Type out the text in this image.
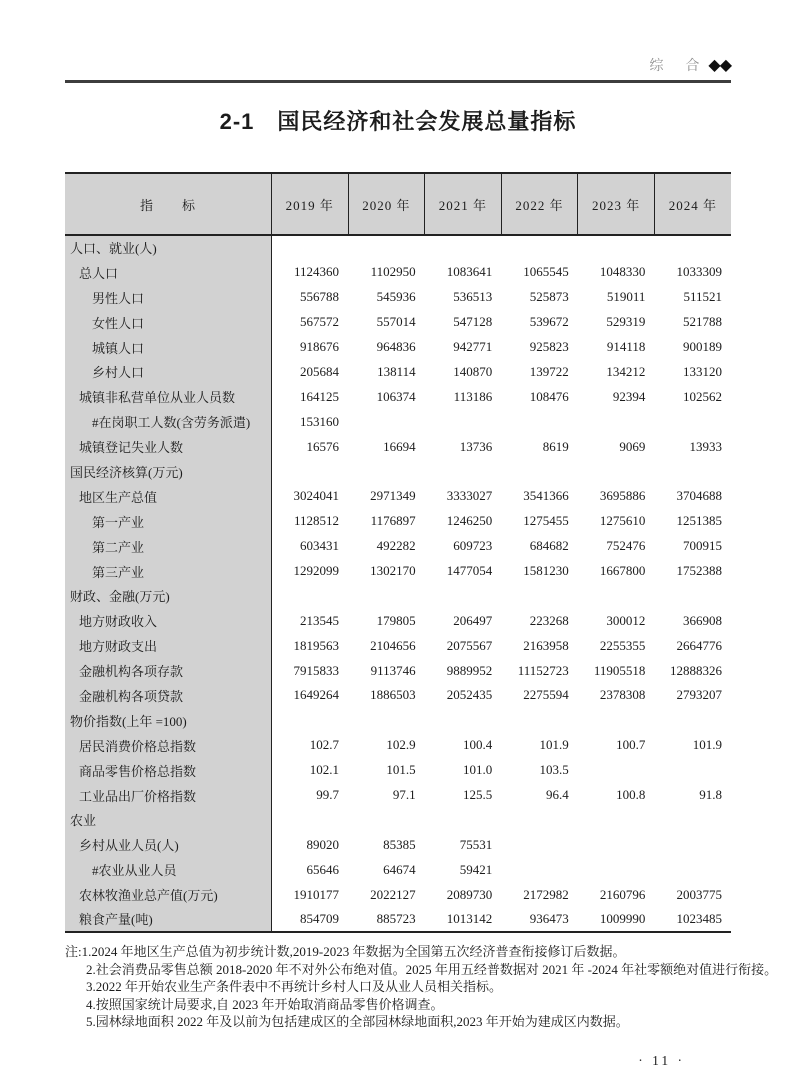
综 合◆◆
2-1　国民经济和社会发展总量指标
指　　标	2019 年	2020 年	2021 年	2022 年	2023 年	2024 年
人口、就业(人)						
总人口	1124360	1102950	1083641	1065545	1048330	1033309
男性人口	556788	545936	536513	525873	519011	511521
女性人口	567572	557014	547128	539672	529319	521788
城镇人口	918676	964836	942771	925823	914118	900189
乡村人口	205684	138114	140870	139722	134212	133120
城镇非私营单位从业人员数	164125	106374	113186	108476	92394	102562
#在岗职工人数(含劳务派遣)	153160					
城镇登记失业人数	16576	16694	13736	8619	9069	13933
国民经济核算(万元)						
地区生产总值	3024041	2971349	3333027	3541366	3695886	3704688
第一产业	1128512	1176897	1246250	1275455	1275610	1251385
第二产业	603431	492282	609723	684682	752476	700915
第三产业	1292099	1302170	1477054	1581230	1667800	1752388
财政、金融(万元)						
地方财政收入	213545	179805	206497	223268	300012	366908
地方财政支出	1819563	2104656	2075567	2163958	2255355	2664776
金融机构各项存款	7915833	9113746	9889952	11152723	11905518	12888326
金融机构各项贷款	1649264	1886503	2052435	2275594	2378308	2793207
物价指数(上年 =100)						
居民消费价格总指数	102.7	102.9	100.4	101.9	100.7	101.9
商品零售价格总指数	102.1	101.5	101.0	103.5		
工业品出厂价格指数	99.7	97.1	125.5	96.4	100.8	91.8
农业						
乡村从业人员(人)	89020	85385	75531			
#农业从业人员	65646	64674	59421			
农林牧渔业总产值(万元)	1910177	2022127	2089730	2172982	2160796	2003775
粮食产量(吨)	854709	885723	1013142	936473	1009990	1023485
注:1.2024 年地区生产总值为初步统计数,2019-2023 年数据为全国第五次经济普查衔接修订后数据。
2.社会消费品零售总额 2018-2020 年不对外公布绝对值。2025 年用五经普数据对 2021 年 -2024 年社零额绝对值进行衔接。
3.2022 年开始农业生产条件表中不再统计乡村人口及从业人员相关指标。
4.按照国家统计局要求,自 2023 年开始取消商品零售价格调查。
5.园林绿地面积 2022 年及以前为包括建成区的全部园林绿地面积,2023 年开始为建成区内数据。
· 11 ·
